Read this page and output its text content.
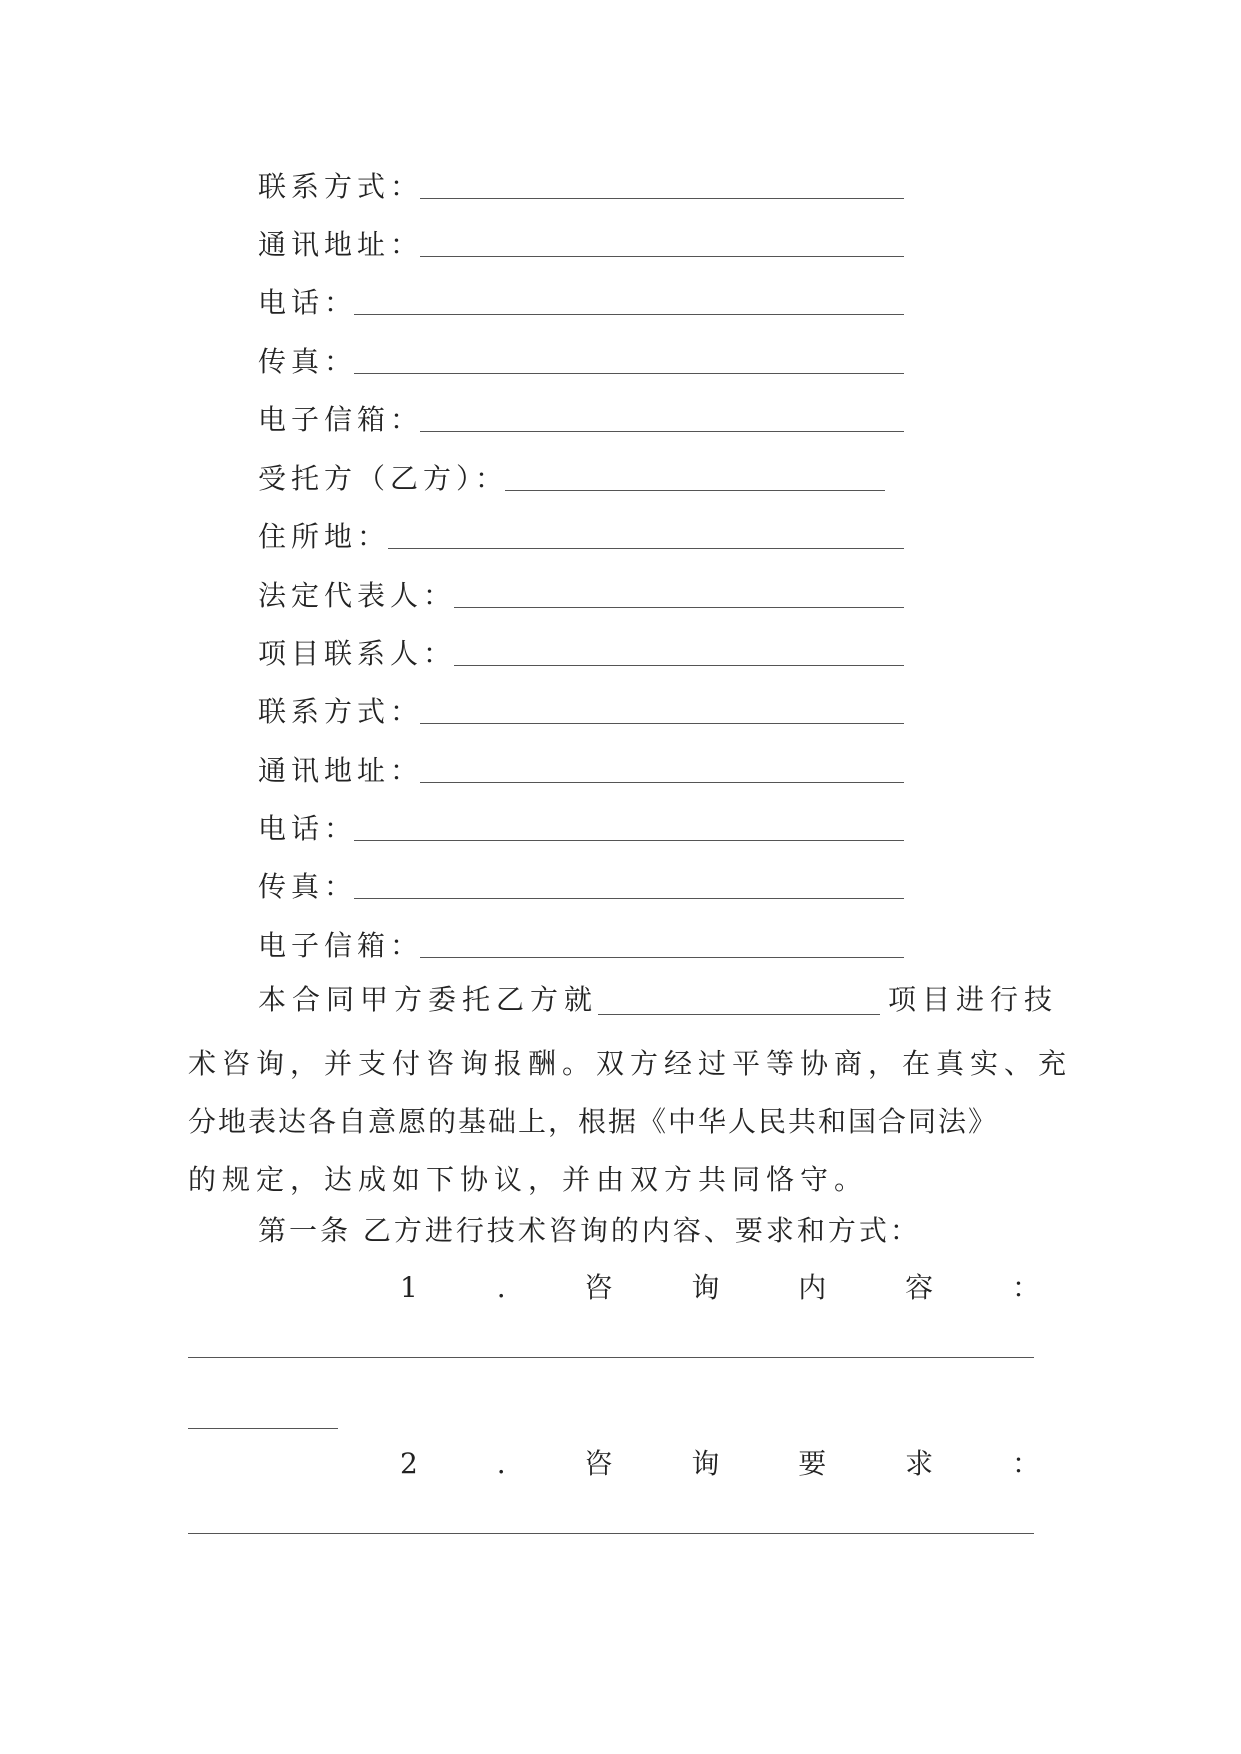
联系方式：
通讯地址：
电话：
传真：
电子信箱：
受托方（乙方）：
住所地：
法定代表人：
项目联系人：
联系方式：
通讯地址：
电话：
传真：
电子信箱：
本合同甲方委托乙方就	项目进行技
术咨询，并支付咨询报酬。双方经过平等协商，在真实、充
分地表达各自意愿的基础上，根据《中华人民共和国合同法》
的规定，达成如下协议，并由双方共同恪守。
第一条 乙方进行技术咨询的内容、要求和方式：
1	.	咨	询	内	容	：
2	.	咨	询	要	求	：
